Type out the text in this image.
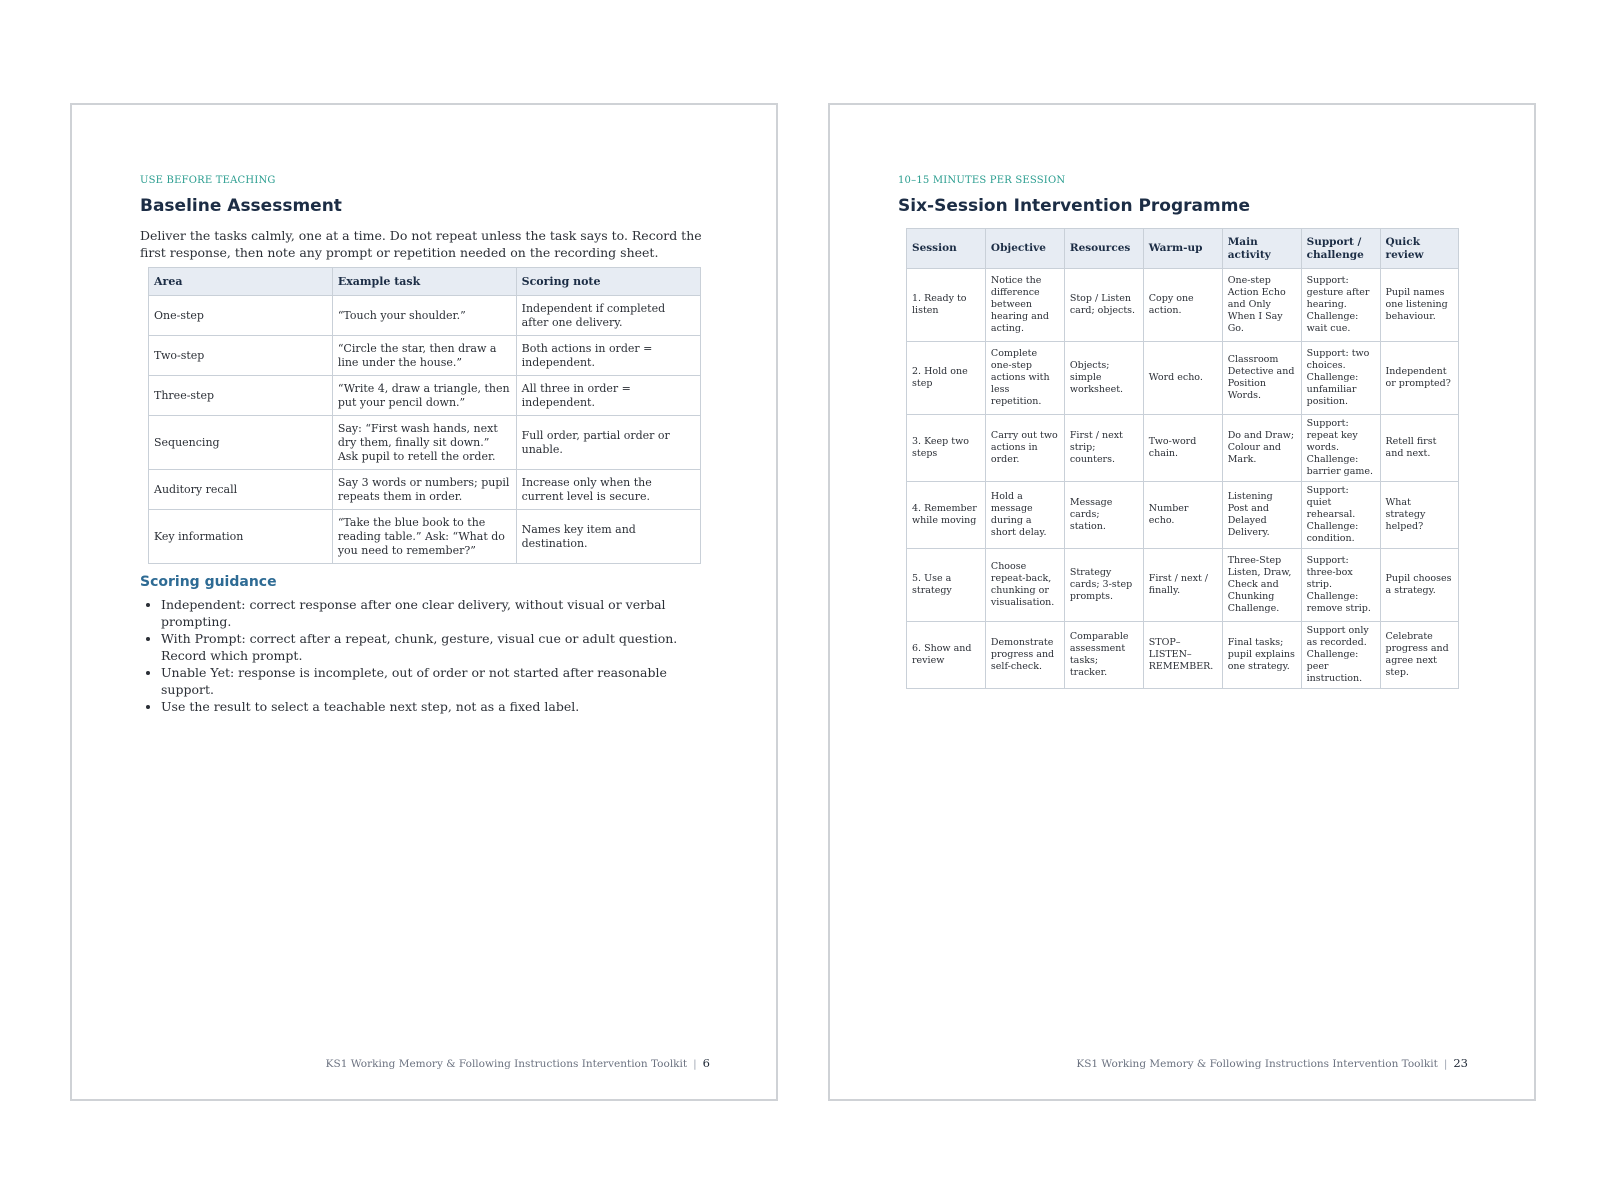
USE BEFORE TEACHING
Baseline Assessment

Deliver the tasks calmly, one at a time. Do not repeat unless the task says to. Record the first response, then note any prompt or repetition needed on the recording sheet.

Area	Example task	Scoring note
One-step	“Touch your shoulder.”	Independent if completed after one delivery.
Two-step	“Circle the star, then draw a line under the house.”	Both actions in order = independent.
Three-step	“Write 4, draw a triangle, then put your pencil down.”	All three in order = independent.
Sequencing	Say: “First wash hands, next dry them, finally sit down.” Ask pupil to retell the order.	Full order, partial order or unable.
Auditory recall	Say 3 words or numbers; pupil repeats them in order.	Increase only when the current level is secure.
Key information	“Take the blue book to the reading table.” Ask: “What do you need to remember?”	Names key item and destination.
Scoring guidance
• Independent: correct response after one clear delivery, without visual or verbal prompting.
• With Prompt: correct after a repeat, chunk, gesture, visual cue or adult question. Record which prompt.
• Unable Yet: response is incomplete, out of order or not started after reasonable support.
• Use the result to select a teachable next step, not as a fixed label.
KS1 Working Memory & Following Instructions Intervention Toolkit | 6
10–15 MINUTES PER SESSION
Six-Session Intervention Programme
Session	Objective	Resources	Warm-up	Main activity	Support / challenge	Quick review
1. Ready to listen	Notice the difference between hearing and acting.	Stop / Listen card; objects.	Copy one action.	One-step Action Echo and Only When I Say Go.	Support: gesture after hearing. Challenge: wait cue.	Pupil names one listening behaviour.
2. Hold one step	Complete one-step actions with less repetition.	Objects; simple worksheet.	Word echo.	Classroom Detective and Position Words.	Support: two choices. Challenge: unfamiliar position.	Independent or prompted?
3. Keep two steps	Carry out two actions in order.	First / next strip; counters.	Two-word chain.	Do and Draw; Colour and Mark.	Support: repeat key words. Challenge: barrier game.	Retell first and next.
4. Remember while moving	Hold a message during a short delay.	Message cards; station.	Number echo.	Listening Post and Delayed Delivery.	Support: quiet rehearsal. Challenge: condition.	What strategy helped?
5. Use a strategy	Choose repeat-back, chunking or visualisation.	Strategy cards; 3-step prompts.	First / next / finally.	Three-Step Listen, Draw, Check and Chunking Challenge.	Support: three-box strip. Challenge: remove strip.	Pupil chooses a strategy.
6. Show and review	Demonstrate progress and self-check.	Comparable assessment tasks; tracker.	STOP–LISTEN–REMEMBER.	Final tasks; pupil explains one strategy.	Support only as recorded. Challenge: peer instruction.	Celebrate progress and agree next step.
KS1 Working Memory & Following Instructions Intervention Toolkit | 23
